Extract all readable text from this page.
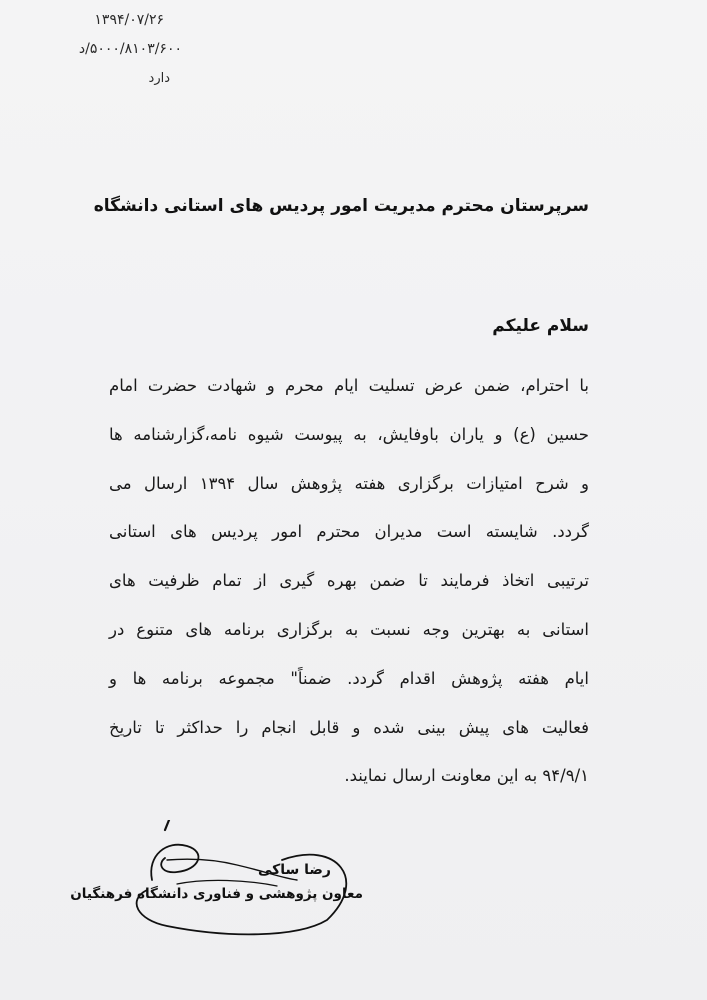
۱۳۹۴/۰۷/۲۶
۵۰۰۰/۸۱۰۳/۶۰۰/د
دارد
سرپرستان محترم مدیریت امور پردیس های استانی دانشگاه
سلام علیکم
با احترام، ضمن عرض تسلیت ایام محرم و شهادت حضرت امام
حسین (ع) و یاران باوفایش، به پیوست شیوه نامه،گزارشنامه ها
و شرح امتیازات برگزاری هفته پژوهش سال ۱۳۹۴ ارسال می
گردد. شایسته است مدیران محترم امور پردیس های استانی
ترتیبی اتخاذ فرمایند تا ضمن بهره گیری از تمام ظرفیت های
استانی به بهترین وجه نسبت به برگزاری برنامه های متنوع در
ایام هفته پژوهش اقدام گردد. ضمناً" مجموعه برنامه ها و
فعالیت های پیش بینی شده و قابل انجام را حداکثر تا تاریخ
۹۴/۹/۱ به این معاونت ارسال نمایند.
رضا ساکی
معاون پژوهشی و فناوری دانشگاه فرهنگیان
